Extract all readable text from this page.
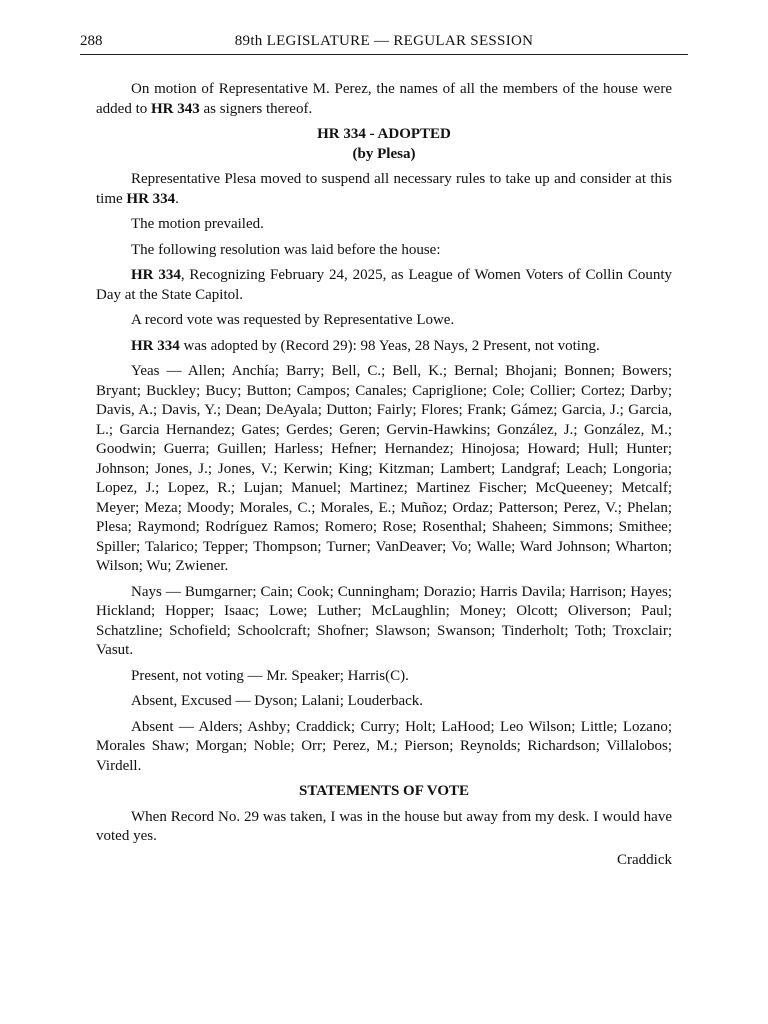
288	89th LEGISLATURE — REGULAR SESSION

On motion of Representative M. Perez, the names of all the members of the house were added to HR 343 as signers thereof.

HR 334 - ADOPTED

(by Plesa)

Representative Plesa moved to suspend all necessary rules to take up and consider at this time HR 334.

The motion prevailed.

The following resolution was laid before the house:

HR 334, Recognizing February 24, 2025, as League of Women Voters of Collin County Day at the State Capitol.

A record vote was requested by Representative Lowe.

HR 334 was adopted by (Record 29): 98 Yeas, 28 Nays, 2 Present, not voting.

Yeas — Allen; Anchía; Barry; Bell, C.; Bell, K.; Bernal; Bhojani; Bonnen; Bowers; Bryant; Buckley; Bucy; Button; Campos; Canales; Capriglione; Cole; Collier; Cortez; Darby; Davis, A.; Davis, Y.; Dean; DeAyala; Dutton; Fairly; Flores; Frank; Gámez; Garcia, J.; Garcia, L.; Garcia Hernandez; Gates; Gerdes; Geren; Gervin-Hawkins; González, J.; González, M.; Goodwin; Guerra; Guillen; Harless; Hefner; Hernandez; Hinojosa; Howard; Hull; Hunter; Johnson; Jones, J.; Jones, V.; Kerwin; King; Kitzman; Lambert; Landgraf; Leach; Longoria; Lopez, J.; Lopez, R.; Lujan; Manuel; Martinez; Martinez Fischer; McQueeney; Metcalf; Meyer; Meza; Moody; Morales, C.; Morales, E.; Muñoz; Ordaz; Patterson; Perez, V.; Phelan; Plesa; Raymond; Rodríguez Ramos; Romero; Rose; Rosenthal; Shaheen; Simmons; Smithee; Spiller; Talarico; Tepper; Thompson; Turner; VanDeaver; Vo; Walle; Ward Johnson; Wharton; Wilson; Wu; Zwiener.

Nays — Bumgarner; Cain; Cook; Cunningham; Dorazio; Harris Davila; Harrison; Hayes; Hickland; Hopper; Isaac; Lowe; Luther; McLaughlin; Money; Olcott; Oliverson; Paul; Schatzline; Schofield; Schoolcraft; Shofner; Slawson; Swanson; Tinderholt; Toth; Troxclair; Vasut.

Present, not voting — Mr. Speaker; Harris(C).

Absent, Excused — Dyson; Lalani; Louderback.

Absent — Alders; Ashby; Craddick; Curry; Holt; LaHood; Leo Wilson; Little; Lozano; Morales Shaw; Morgan; Noble; Orr; Perez, M.; Pierson; Reynolds; Richardson; Villalobos; Virdell.

STATEMENTS OF VOTE

When Record No. 29 was taken, I was in the house but away from my desk. I would have voted yes.

Craddick
